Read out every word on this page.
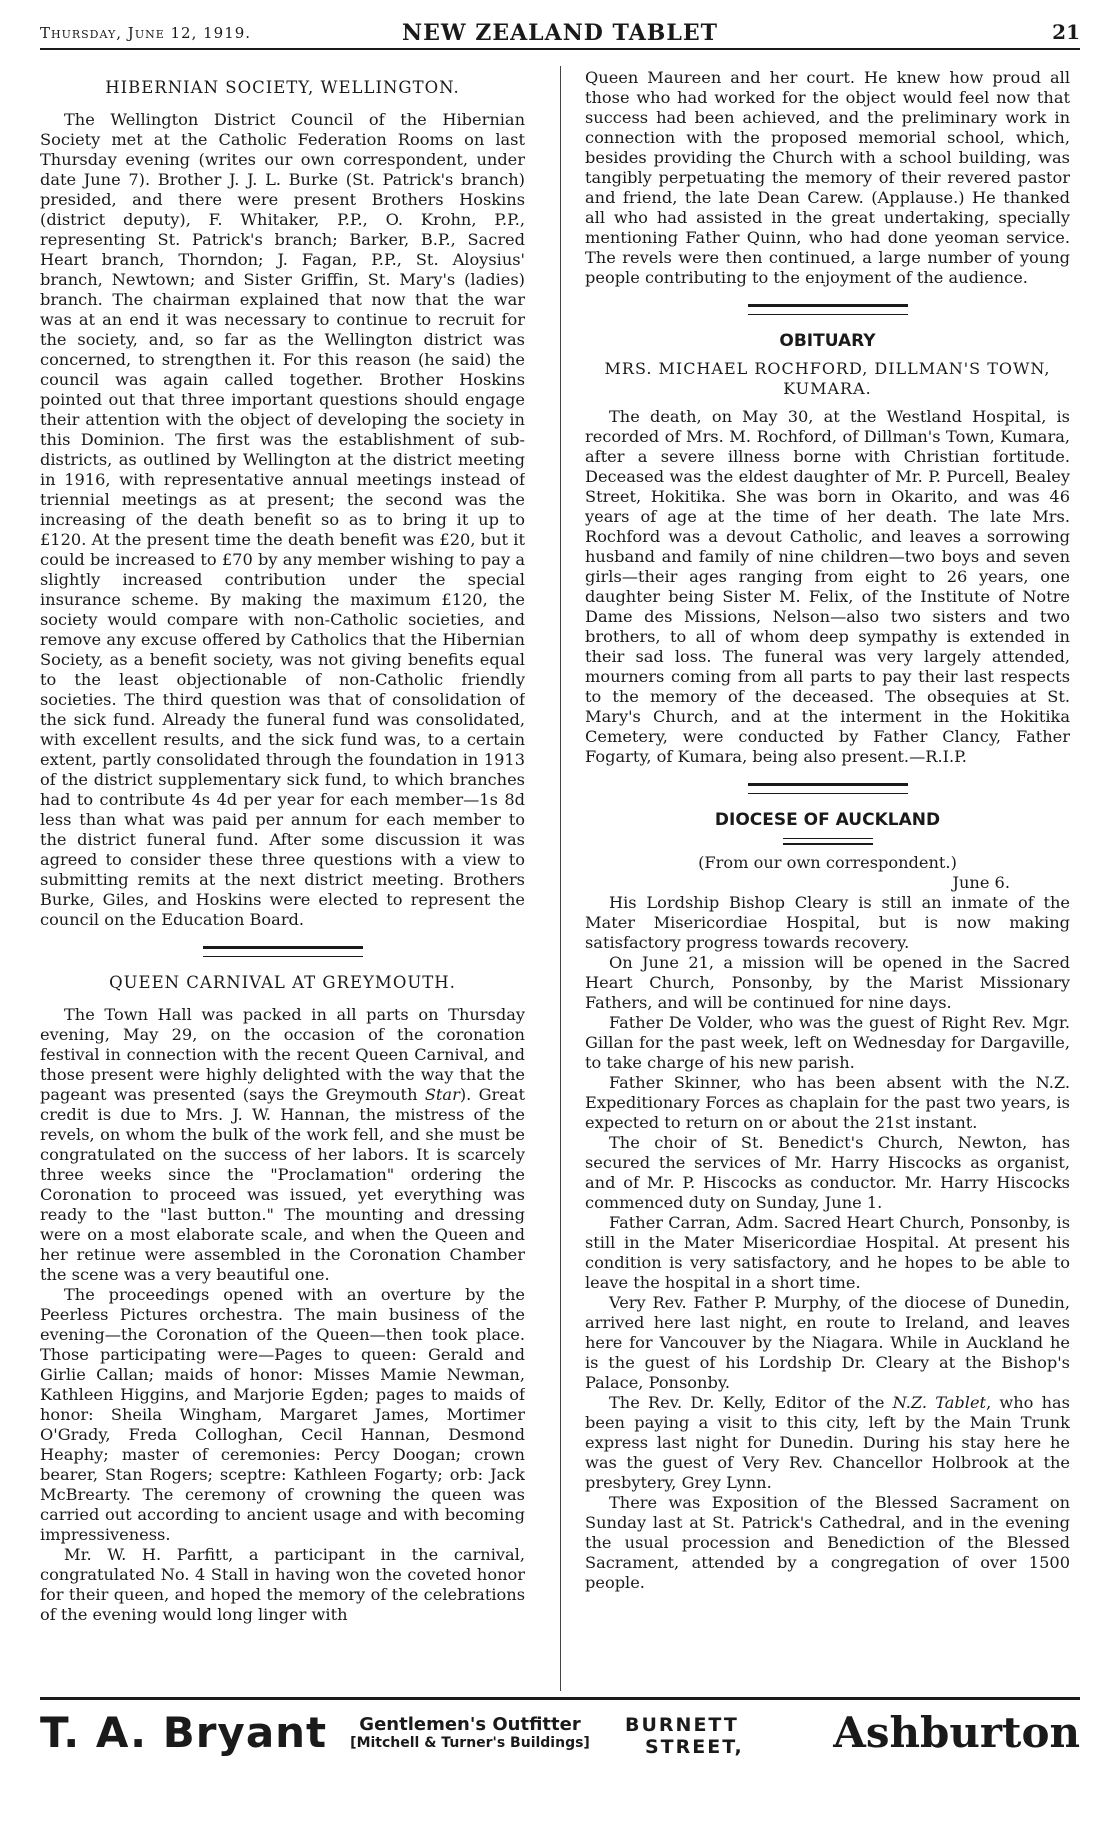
Thursday, June 12, 1919.	NEW ZEALAND TABLET	21
HIBERNIAN SOCIETY, WELLINGTON.

The Wellington District Council of the Hibernian Society met at the Catholic Federation Rooms on last Thursday evening (writes our own correspondent, under date June 7). Brother J. J. L. Burke (St. Patrick's branch) presided, and there were present Brothers Hoskins (district deputy), F. Whitaker, P.P., O. Krohn, P.P., representing St. Patrick's branch; Barker, B.P., Sacred Heart branch, Thorndon; J. Fagan, P.P., St. Aloysius' branch, Newtown; and Sister Griffin, St. Mary's (ladies) branch. The chairman explained that now that the war was at an end it was necessary to continue to recruit for the society, and, so far as the Wellington district was concerned, to strengthen it. For this reason (he said) the council was again called together. Brother Hoskins pointed out that three important questions should engage their attention with the object of developing the society in this Dominion. The first was the establishment of sub-districts, as outlined by Wellington at the district meeting in 1916, with representative annual meetings instead of triennial meetings as at present; the second was the increasing of the death benefit so as to bring it up to £120. At the present time the death benefit was £20, but it could be increased to £70 by any member wishing to pay a slightly increased contribution under the special insurance scheme. By making the maximum £120, the society would compare with non-Catholic societies, and remove any excuse offered by Catholics that the Hibernian Society, as a benefit society, was not giving benefits equal to the least objectionable of non-Catholic friendly societies. The third question was that of consolidation of the sick fund. Already the funeral fund was consolidated, with excellent results, and the sick fund was, to a certain extent, partly consolidated through the foundation in 1913 of the district supplementary sick fund, to which branches had to contribute 4s 4d per year for each member—1s 8d less than what was paid per annum for each member to the district funeral fund. After some discussion it was agreed to consider these three questions with a view to submitting remits at the next district meeting. Brothers Burke, Giles, and Hoskins were elected to represent the council on the Education Board.

QUEEN CARNIVAL AT GREYMOUTH.

The Town Hall was packed in all parts on Thursday evening, May 29, on the occasion of the coronation festival in connection with the recent Queen Carnival, and those present were highly delighted with the way that the pageant was presented (says the Greymouth Star). Great credit is due to Mrs. J. W. Hannan, the mistress of the revels, on whom the bulk of the work fell, and she must be congratulated on the success of her labors. It is scarcely three weeks since the "Proclamation" ordering the Coronation to proceed was issued, yet everything was ready to the "last button." The mounting and dressing were on a most elaborate scale, and when the Queen and her retinue were assembled in the Coronation Chamber the scene was a very beautiful one.

The proceedings opened with an overture by the Peerless Pictures orchestra. The main business of the evening—the Coronation of the Queen—then took place. Those participating were—Pages to queen: Gerald and Girlie Callan; maids of honor: Misses Mamie Newman, Kathleen Higgins, and Marjorie Egden; pages to maids of honor: Sheila Wingham, Margaret James, Mortimer O'Grady, Freda Colloghan, Cecil Hannan, Desmond Heaphy; master of ceremonies: Percy Doogan; crown bearer, Stan Rogers; sceptre: Kathleen Fogarty; orb: Jack McBrearty. The ceremony of crowning the queen was carried out according to ancient usage and with becoming impressiveness.

Mr. W. H. Parfitt, a participant in the carnival, congratulated No. 4 Stall in having won the coveted honor for their queen, and hoped the memory of the celebrations of the evening would long linger with

Queen Maureen and her court. He knew how proud all those who had worked for the object would feel now that success had been achieved, and the preliminary work in connection with the proposed memorial school, which, besides providing the Church with a school building, was tangibly perpetuating the memory of their revered pastor and friend, the late Dean Carew. (Applause.) He thanked all who had assisted in the great undertaking, specially mentioning Father Quinn, who had done yeoman service. The revels were then continued, a large number of young people contributing to the enjoyment of the audience.

OBITUARY
MRS. MICHAEL ROCHFORD, DILLMAN'S TOWN, KUMARA.

The death, on May 30, at the Westland Hospital, is recorded of Mrs. M. Rochford, of Dillman's Town, Kumara, after a severe illness borne with Christian fortitude. Deceased was the eldest daughter of Mr. P. Purcell, Bealey Street, Hokitika. She was born in Okarito, and was 46 years of age at the time of her death. The late Mrs. Rochford was a devout Catholic, and leaves a sorrowing husband and family of nine children—two boys and seven girls—their ages ranging from eight to 26 years, one daughter being Sister M. Felix, of the Institute of Notre Dame des Missions, Nelson—also two sisters and two brothers, to all of whom deep sympathy is extended in their sad loss. The funeral was very largely attended, mourners coming from all parts to pay their last respects to the memory of the deceased. The obsequies at St. Mary's Church, and at the interment in the Hokitika Cemetery, were conducted by Father Clancy, Father Fogarty, of Kumara, being also present.—R.I.P.

DIOCESE OF AUCKLAND

(From our own correspondent.)

June 6.

His Lordship Bishop Cleary is still an inmate of the Mater Misericordiae Hospital, but is now making satisfactory progress towards recovery.

On June 21, a mission will be opened in the Sacred Heart Church, Ponsonby, by the Marist Missionary Fathers, and will be continued for nine days.

Father De Volder, who was the guest of Right Rev. Mgr. Gillan for the past week, left on Wednesday for Dargaville, to take charge of his new parish.

Father Skinner, who has been absent with the N.Z. Expeditionary Forces as chaplain for the past two years, is expected to return on or about the 21st instant.

The choir of St. Benedict's Church, Newton, has secured the services of Mr. Harry Hiscocks as organist, and of Mr. P. Hiscocks as conductor. Mr. Harry Hiscocks commenced duty on Sunday, June 1.

Father Carran, Adm. Sacred Heart Church, Ponsonby, is still in the Mater Misericordiae Hospital. At present his condition is very satisfactory, and he hopes to be able to leave the hospital in a short time.

Very Rev. Father P. Murphy, of the diocese of Dunedin, arrived here last night, en route to Ireland, and leaves here for Vancouver by the Niagara. While in Auckland he is the guest of his Lordship Dr. Cleary at the Bishop's Palace, Ponsonby.

The Rev. Dr. Kelly, Editor of the N.Z. Tablet, who has been paying a visit to this city, left by the Main Trunk express last night for Dunedin. During his stay here he was the guest of Very Rev. Chancellor Holbrook at the presbytery, Grey Lynn.

There was Exposition of the Blessed Sacrament on Sunday last at St. Patrick's Cathedral, and in the evening the usual procession and Benediction of the Blessed Sacrament, attended by a congregation of over 1500 people.

T. A. Bryant	Gentlemen's Outfitter
[Mitchell & Turner's Buildings]
BURNETT
STREET, Ashburton
